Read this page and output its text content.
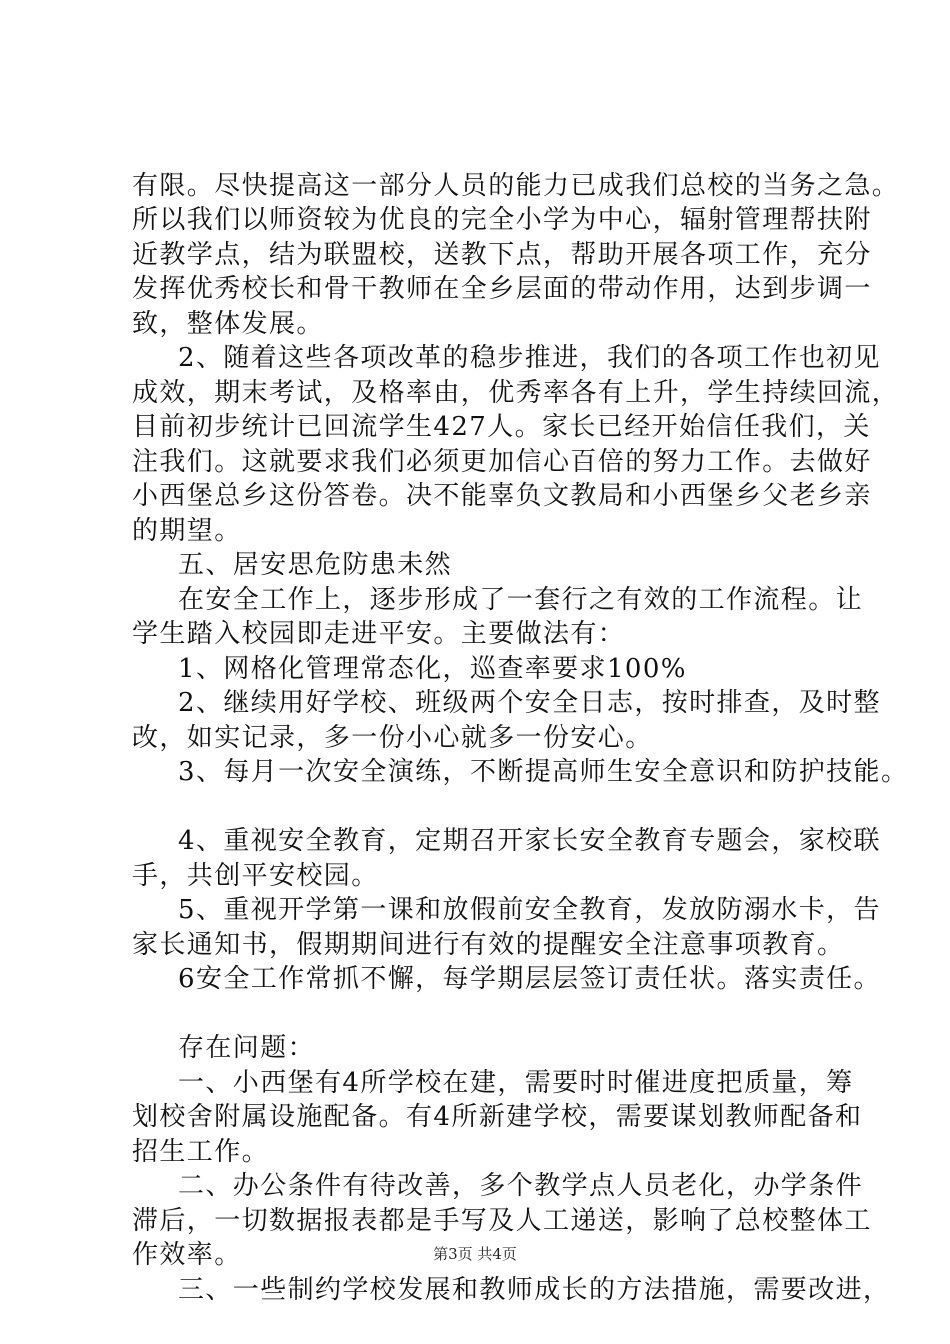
有限。尽快提高这一部分人员的能力已成我们总校的当务之急。
所以我们以师资较为优良的完全小学为中心，辐射管理帮扶附
近教学点，结为联盟校，送教下点，帮助开展各项工作，充分
发挥优秀校长和骨干教师在全乡层面的带动作用，达到步调一
致，整体发展。
2、随着这些各项改革的稳步推进，我们的各项工作也初见
成效，期末考试，及格率由，优秀率各有上升，学生持续回流，
目前初步统计已回流学生427人。家长已经开始信任我们，关
注我们。这就要求我们必须更加信心百倍的努力工作。去做好
小西堡总乡这份答卷。决不能辜负文教局和小西堡乡父老乡亲
的期望。
五、居安思危防患未然
在安全工作上，逐步形成了一套行之有效的工作流程。让
学生踏入校园即走进平安。主要做法有：
1、网格化管理常态化，巡查率要求100%
2、继续用好学校、班级两个安全日志，按时排查，及时整
改，如实记录，多一份小心就多一份安心。
3、每月一次安全演练，不断提高师生安全意识和防护技能。
4、重视安全教育，定期召开家长安全教育专题会，家校联
手，共创平安校园。
5、重视开学第一课和放假前安全教育，发放防溺水卡，告
家长通知书，假期期间进行有效的提醒安全注意事项教育。
6安全工作常抓不懈，每学期层层签订责任状。落实责任。
存在问题：
一、小西堡有4所学校在建，需要时时催进度把质量，筹
划校舍附属设施配备。有4所新建学校，需要谋划教师配备和
招生工作。
二、办公条件有待改善，多个教学点人员老化，办学条件
滞后，一切数据报表都是手写及人工递送，影响了总校整体工
作效率。
三、一些制约学校发展和教师成长的方法措施，需要改进，
第3页 共4页
